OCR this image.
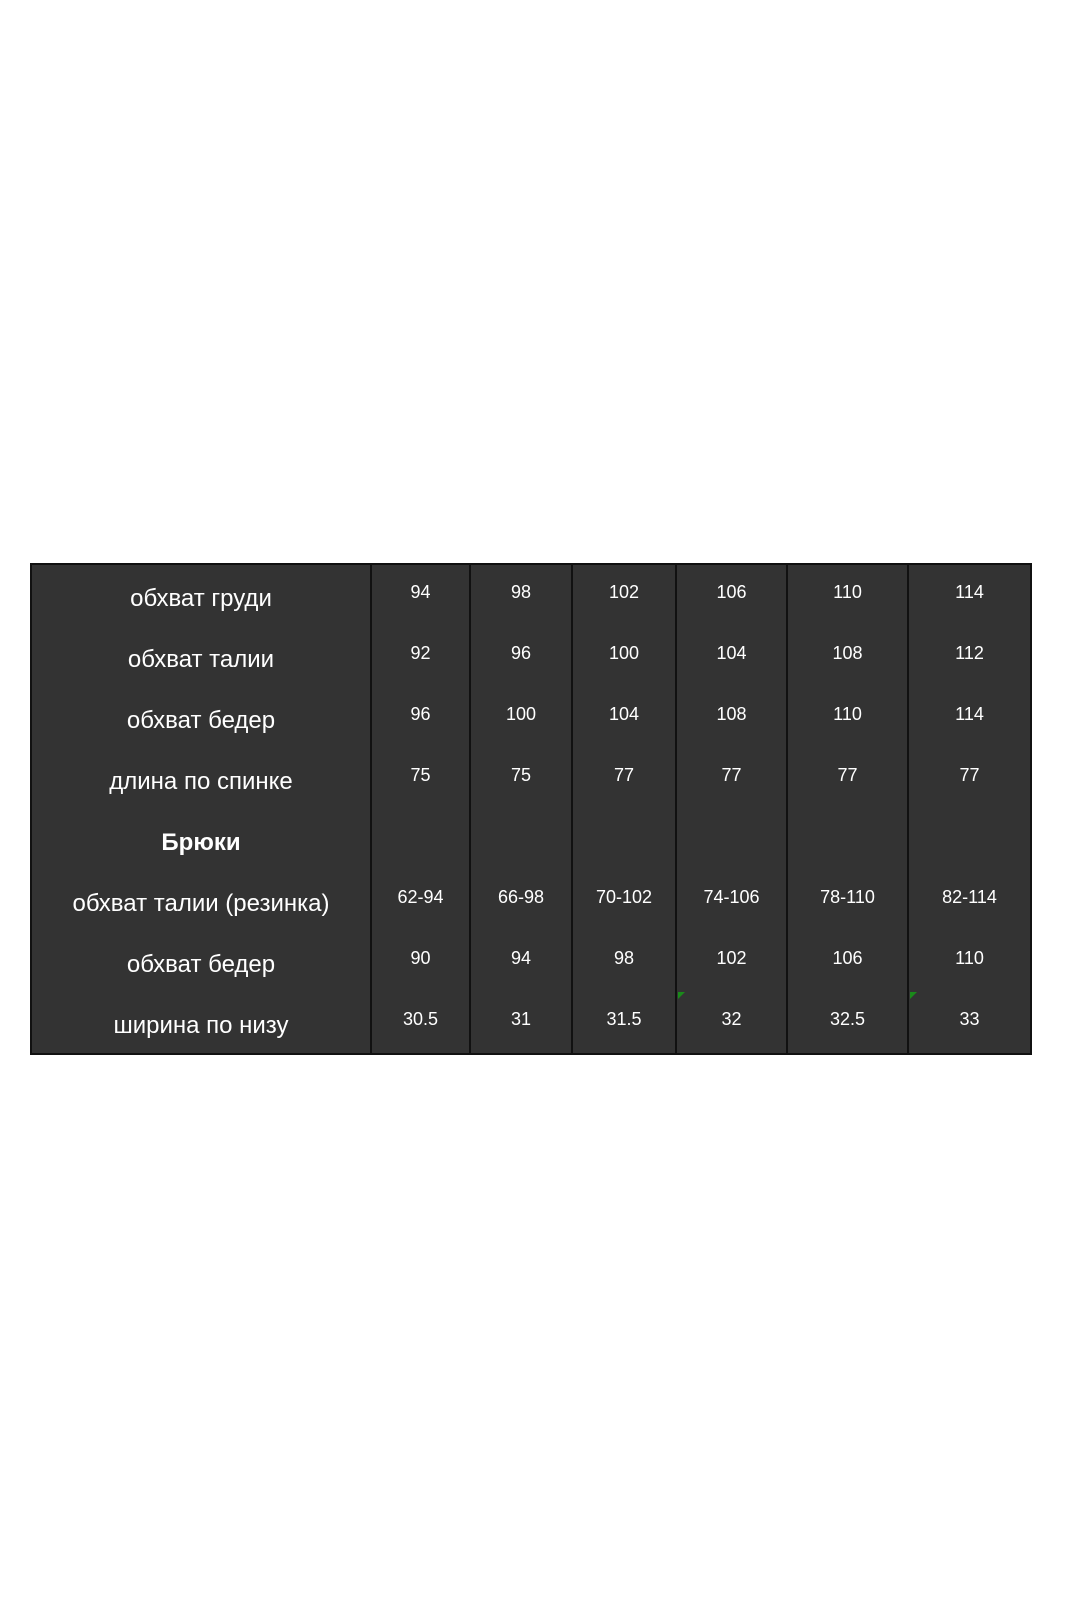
обхват груди	94	98	102	106	110	114
обхват талии	92	96	100	104	108	112
обхват бедер	96	100	104	108	110	114
длина по спинке	75	75	77	77	77	77
Брюки						
обхват талии (резинка)	62-94	66-98	70-102	74-106	78-110	82-114
обхват бедер	90	94	98	102	106	110
ширина по низу	30.5	31	31.5	32	32.5	33
